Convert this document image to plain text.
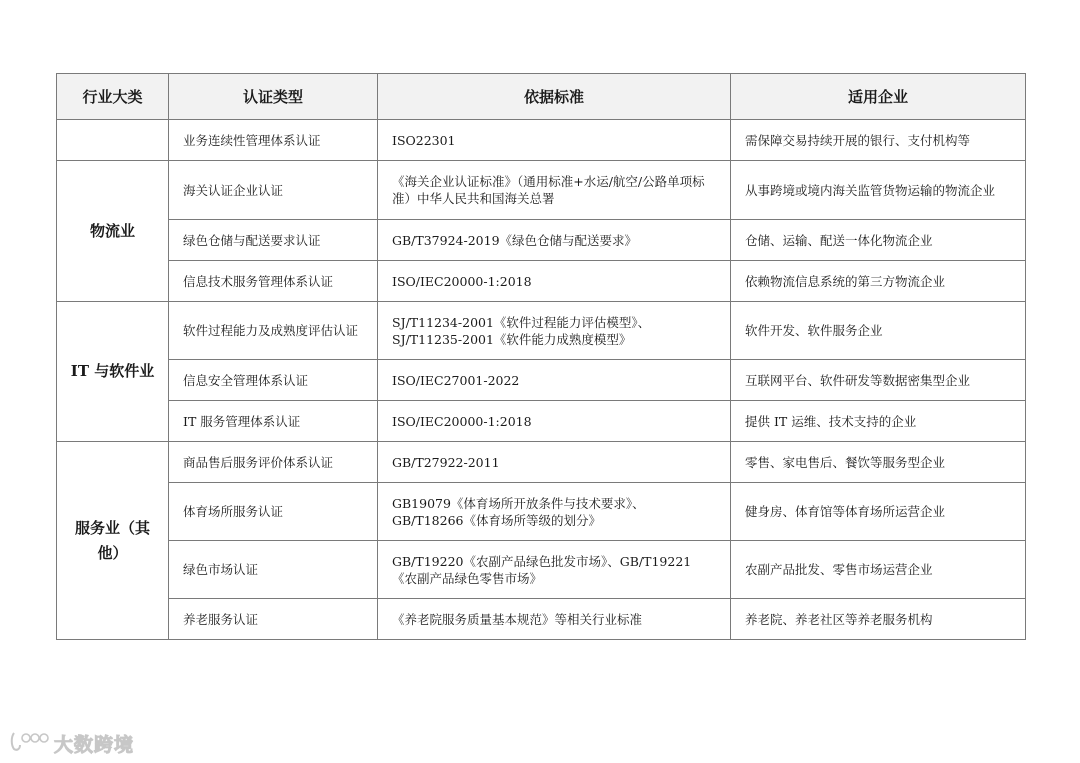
行业大类	认证类型	依据标准	适用企业
	业务连续性管理体系认证	ISO22301	需保障交易持续开展的银行、支付机构等
物流业	海关认证企业认证	《海关企业认证标准》（通用标准+水运/航空/公路单项标准）中华人民共和国海关总署	从事跨境或境内海关监管货物运输的物流企业
	绿色仓储与配送要求认证	GB/T37924-2019《绿色仓储与配送要求》	仓储、运输、配送一体化物流企业
	信息技术服务管理体系认证	ISO/IEC20000-1:2018	依赖物流信息系统的第三方物流企业
IT 与软件业	软件过程能力及成熟度评估认证	SJ/T11234-2001《软件过程能力评估模型》、SJ/T11235-2001《软件能力成熟度模型》	软件开发、软件服务企业
	信息安全管理体系认证	ISO/IEC27001-2022	互联网平台、软件研发等数据密集型企业
	IT 服务管理体系认证	ISO/IEC20000-1:2018	提供 IT 运维、技术支持的企业
服务业（其他）	商品售后服务评价体系认证	GB/T27922-2011	零售、家电售后、餐饮等服务型企业
	体育场所服务认证	GB19079《体育场所开放条件与技术要求》、GB/T18266《体育场所等级的划分》	健身房、体育馆等体育场所运营企业
	绿色市场认证	GB/T19220《农副产品绿色批发市场》、GB/T19221《农副产品绿色零售市场》	农副产品批发、零售市场运营企业
	养老服务认证	《养老院服务质量基本规范》等相关行业标准	养老院、养老社区等养老服务机构
大数跨境
